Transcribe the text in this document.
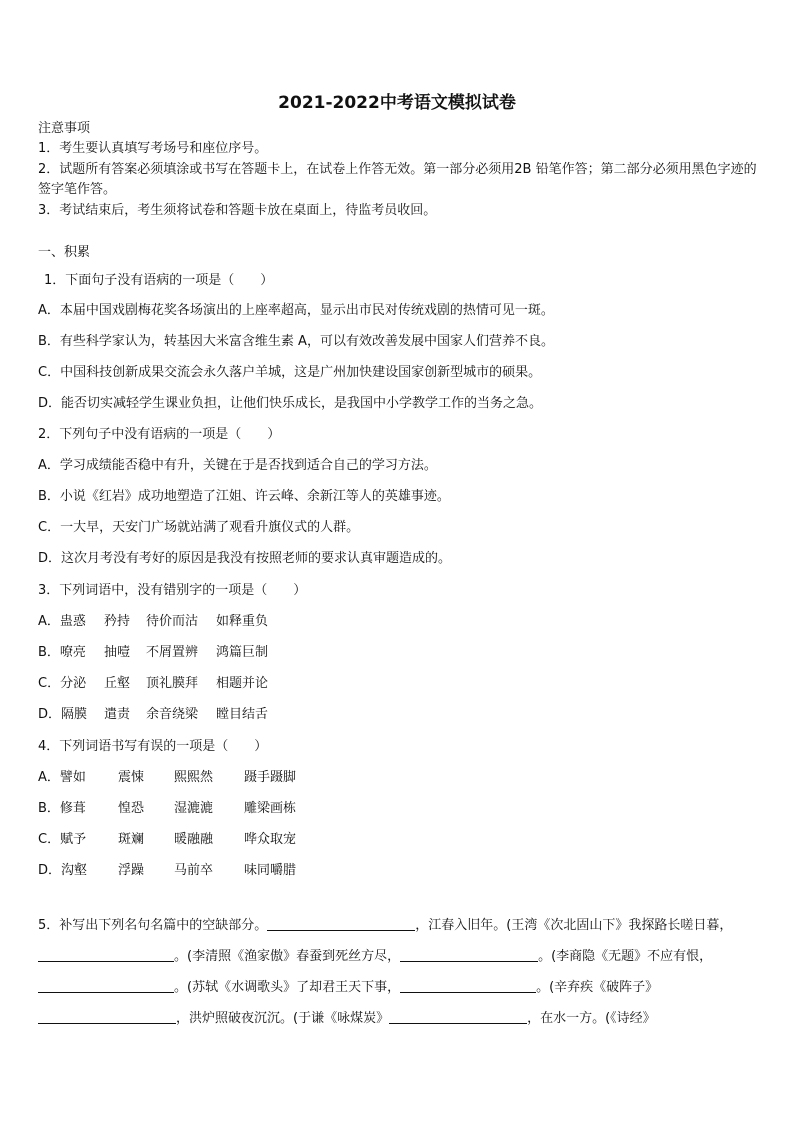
2021-2022中考语文模拟试卷
注意事项
1．考生要认真填写考场号和座位序号。
2．试题所有答案必须填涂或书写在答题卡上，在试卷上作答无效。第一部分必须用2B 铅笔作答；第二部分必须用黑色字迹的签字笔作答。
3．考试结束后，考生须将试卷和答题卡放在桌面上，待监考员收回。
一、积累
1．下面句子没有语病的一项是（　　）
A．本届中国戏剧梅花奖各场演出的上座率超高，显示出市民对传统戏剧的热情可见一斑。
B．有些科学家认为，转基因大米富含维生素 A，可以有效改善发展中国家人们营养不良。
C．中国科技创新成果交流会永久落户羊城，这是广州加快建设国家创新型城市的硕果。
D．能否切实减轻学生课业负担，让他们快乐成长，是我国中小学教学工作的当务之急。
2．下列句子中没有语病的一项是（　　）
A．学习成绩能否稳中有升，关键在于是否找到适合自己的学习方法。
B．小说《红岩》成功地塑造了江姐、许云峰、余新江等人的英雄事迹。
C．一大早，天安门广场就站满了观看升旗仪式的人群。
D．这次月考没有考好的原因是我没有按照老师的要求认真审题造成的。
3．下列词语中，没有错别字的一项是（　　）
A．蛊惑 矜持 待价而沽 如释重负
B．嘹亮 抽噎 不屑置辨 鸿篇巨制
C．分泌 丘壑 顶礼膜拜 相题并论
D．隔膜 遣责 余音绕梁 瞠目结舌
4．下列词语书写有误的一项是（　　）
A．譬如 震悚 熙熙然 蹑手蹑脚
B．修葺 惶恐 湿漉漉 雕梁画栋
C．赋予 斑斓 暖融融 哗众取宠
D．沟壑 浮躁 马前卒 味同嚼腊
5．补写出下列名句名篇中的空缺部分。	，江春入旧年。(王湾《次北固山下》我探路长嗟日暮，
。(李清照《渔家傲》春蚕到死丝方尽，	。(李商隐《无题》不应有恨，
。(苏轼《水调歌头》了却君王天下事，	。(辛弃疾《破阵子》
，洪炉照破夜沉沉。(于谦《咏煤炭》	，在水一方。(《诗经》
